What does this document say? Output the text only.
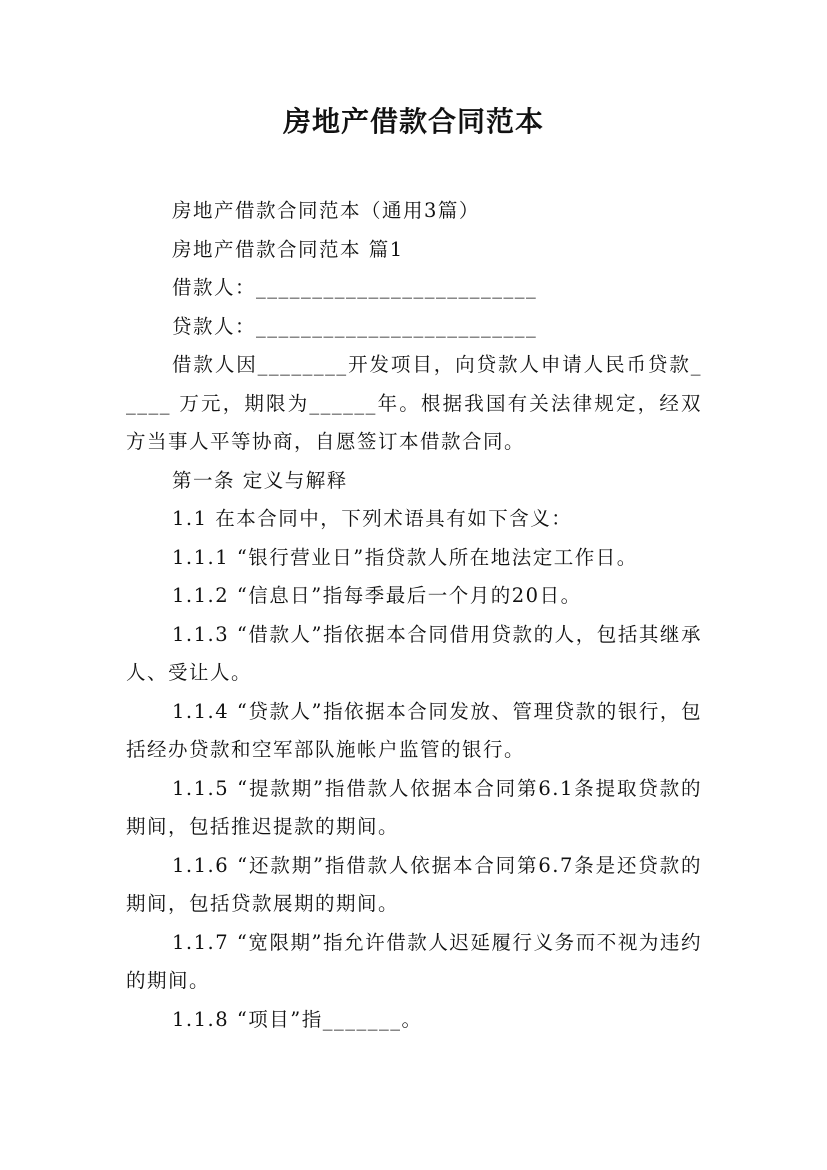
房地产借款合同范本

房地产借款合同范本（通用3篇）

房地产借款合同范本 篇1

借款人：_________________________

贷款人：_________________________

借款人因________开发项目，向贷款人申请人民币贷款_____ 万元，期限为______年。根据我国有关法律规定，经双方当事人平等协商，自愿签订本借款合同。

第一条 定义与解释

1.1 在本合同中，下列术语具有如下含义：

1.1.1 “银行营业日”指贷款人所在地法定工作日。

1.1.2 “信息日”指每季最后一个月的20日。

1.1.3 “借款人”指依据本合同借用贷款的人，包括其继承人、受让人。

1.1.4 “贷款人”指依据本合同发放、管理贷款的银行，包括经办贷款和空军部队施帐户监管的银行。

1.1.5 “提款期”指借款人依据本合同第6.1条提取贷款的期间，包括推迟提款的期间。

1.1.6 “还款期”指借款人依据本合同第6.7条是还贷款的期间，包括贷款展期的期间。

1.1.7 “宽限期”指允许借款人迟延履行义务而不视为违约的期间。

1.1.8 “项目”指_______。
